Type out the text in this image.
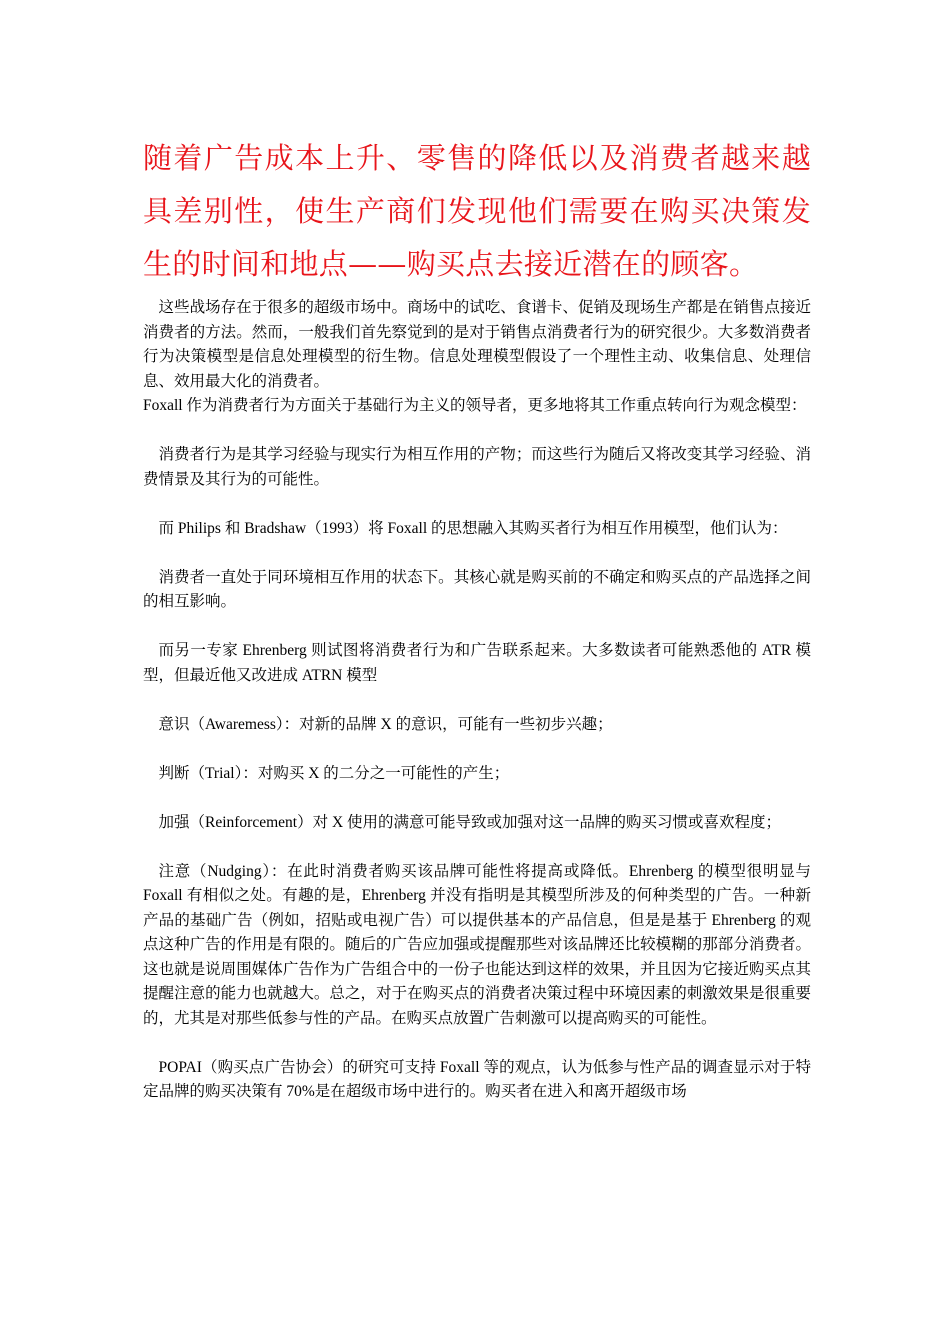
随着广告成本上升、零售的降低以及消费者越来越具差别性，使生产商们发现他们需要在购买决策发生的时间和地点——购买点去接近潜在的顾客。

这些战场存在于很多的超级市场中。商场中的试吃、食谱卡、促销及现场生产都是在销售点接近消费者的方法。然而，一般我们首先察觉到的是对于销售点消费者行为的研究很少。大多数消费者行为决策模型是信息处理模型的衍生物。信息处理模型假设了一个理性主动、收集信息、处理信息、效用最大化的消费者。

Foxall 作为消费者行为方面关于基础行为主义的领导者，更多地将其工作重点转向行为观念模型：

消费者行为是其学习经验与现实行为相互作用的产物；而这些行为随后又将改变其学习经验、消费情景及其行为的可能性。

而 Philips 和 Bradshaw（1993）将 Foxall 的思想融入其购买者行为相互作用模型，他们认为：

消费者一直处于同环境相互作用的状态下。其核心就是购买前的不确定和购买点的产品选择之间的相互影响。

而另一专家 Ehrenberg 则试图将消费者行为和广告联系起来。大多数读者可能熟悉他的 ATR 模型，但最近他又改进成 ATRN 模型

意识（Awaremess）：对新的品牌 X 的意识，可能有一些初步兴趣；

判断（Trial）：对购买 X 的二分之一可能性的产生；

加强（Reinforcement）对 X 使用的满意可能导致或加强对这一品牌的购买习惯或喜欢程度；

注意（Nudging）：在此时消费者购买该品牌可能性将提高或降低。Ehrenberg 的模型很明显与 Foxall 有相似之处。有趣的是，Ehrenberg 并没有指明是其模型所涉及的何种类型的广告。一种新产品的基础广告（例如，招贴或电视广告）可以提供基本的产品信息，但是是基于 Ehrenberg 的观点这种广告的作用是有限的。随后的广告应加强或提醒那些对该品牌还比较模糊的那部分消费者。这也就是说周围媒体广告作为广告组合中的一份子也能达到这样的效果，并且因为它接近购买点其提醒注意的能力也就越大。总之，对于在购买点的消费者决策过程中环境因素的刺激效果是很重要的，尤其是对那些低参与性的产品。在购买点放置广告刺激可以提高购买的可能性。

POPAI（购买点广告协会）的研究可支持 Foxall 等的观点，认为低参与性产品的调查显示对于特定品牌的购买决策有 70%是在超级市场中进行的。购买者在进入和离开超级市场
